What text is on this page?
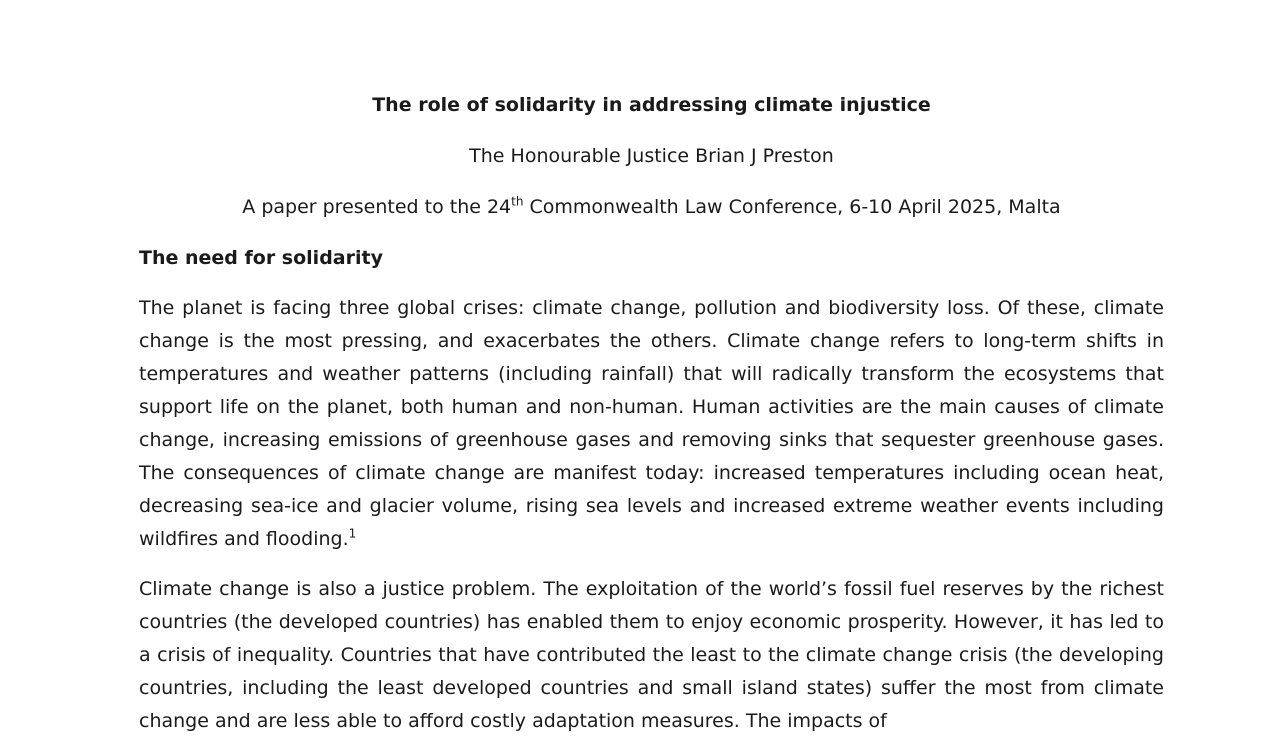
The role of solidarity in addressing climate injustice
The Honourable Justice Brian J Preston
A paper presented to the 24th Commonwealth Law Conference, 6-10 April 2025, Malta
The need for solidarity

The planet is facing three global crises: climate change, pollution and biodiversity loss. Of these, climate change is the most pressing, and exacerbates the others. Climate change refers to long-term shifts in temperatures and weather patterns (including rainfall) that will radically transform the ecosystems that support life on the planet, both human and non-human. Human activities are the main causes of climate change, increasing emissions of greenhouse gases and removing sinks that sequester greenhouse gases. The consequences of climate change are manifest today: increased temperatures including ocean heat, decreasing sea-ice and glacier volume, rising sea levels and increased extreme weather events including wildfires and flooding.$^1$

Climate change is also a justice problem. The exploitation of the world’s fossil fuel reserves by the richest countries (the developed countries) has enabled them to enjoy economic prosperity. However, it has led to a crisis of inequality. Countries that have contributed the least to the climate change crisis (the developing countries, including the least developed countries and small island states) suffer the most from climate change and are less able to afford costly adaptation measures. The impacts of
